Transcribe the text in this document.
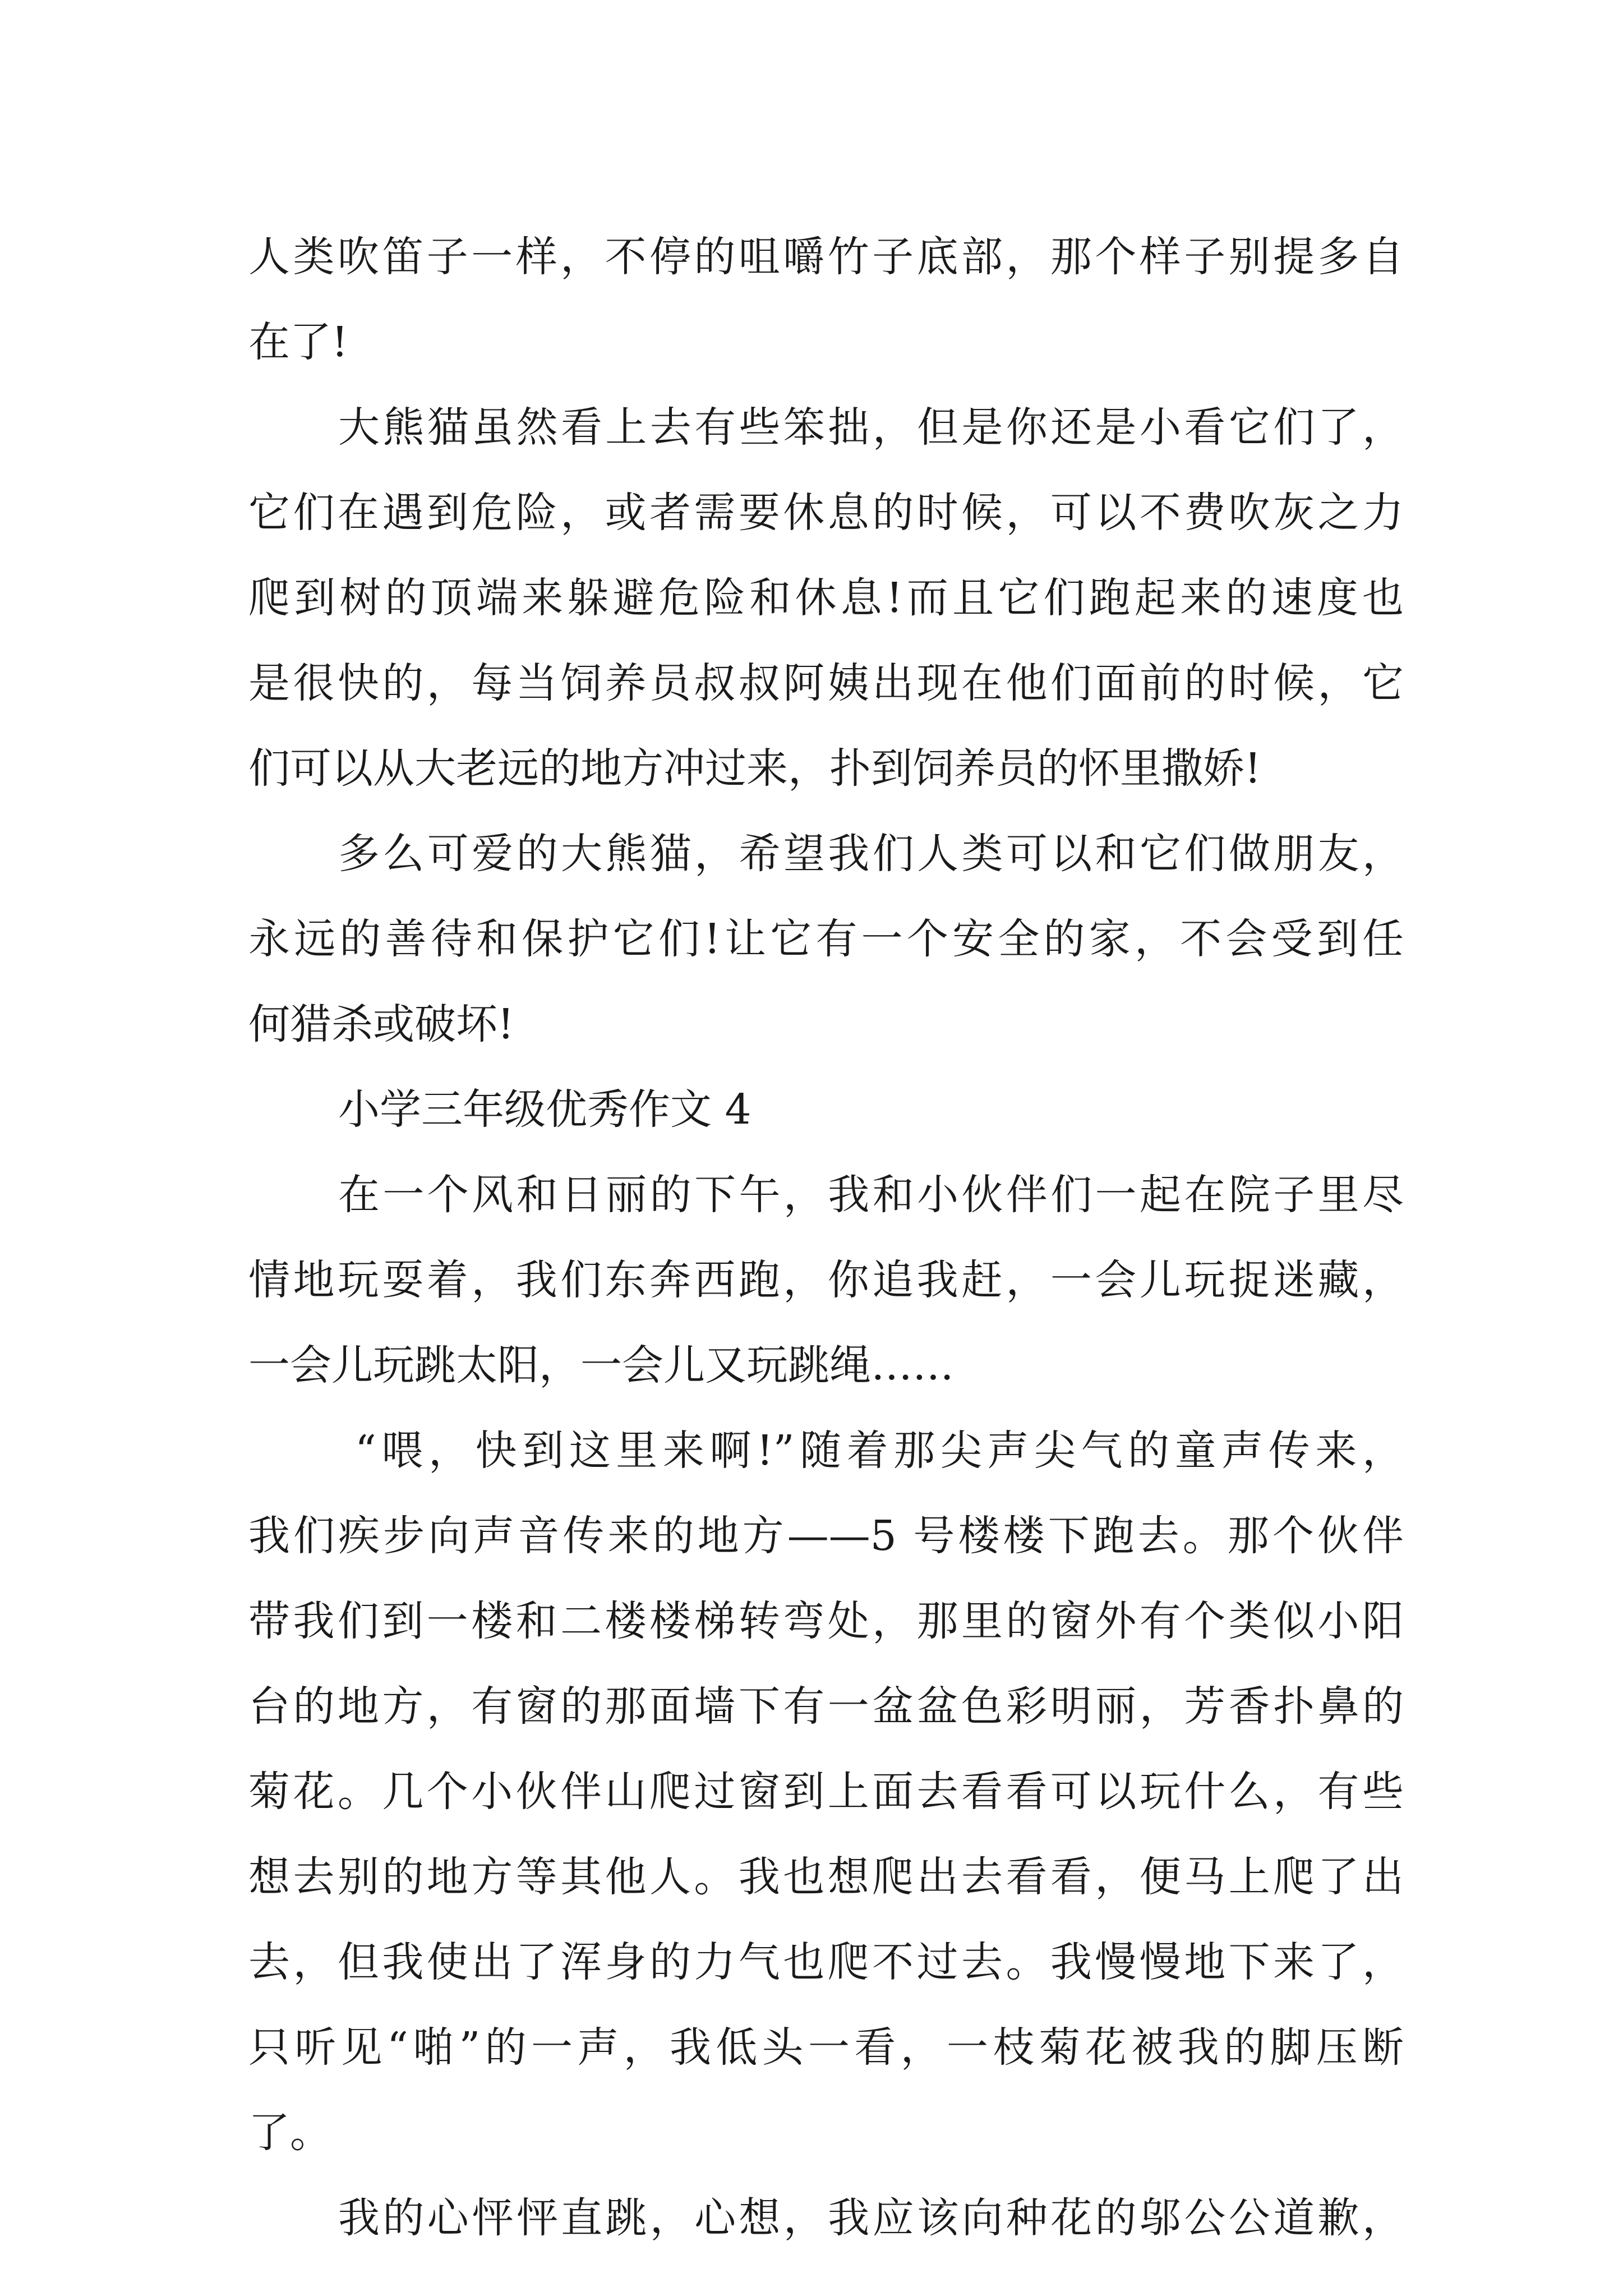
人类吹笛子一样，不停的咀嚼竹子底部，那个样子别提多自
在了!
大熊猫虽然看上去有些笨拙，但是你还是小看它们了，
它们在遇到危险，或者需要休息的时候，可以不费吹灰之力
爬到树的顶端来躲避危险和休息!而且它们跑起来的速度也
是很快的，每当饲养员叔叔阿姨出现在他们面前的时候，它
们可以从大老远的地方冲过来，扑到饲养员的怀里撒娇!
多么可爱的大熊猫，希望我们人类可以和它们做朋友，
永远的善待和保护它们!让它有一个安全的家，不会受到任
何猎杀或破坏!
小学三年级优秀作文 4
在一个风和日丽的下午，我和小伙伴们一起在院子里尽
情地玩耍着，我们东奔西跑，你追我赶，一会儿玩捉迷藏，
一会儿玩跳太阳，一会儿又玩跳绳……
“喂，快到这里来啊!”随着那尖声尖气的童声传来，
我们疾步向声音传来的地方——5 号楼楼下跑去。那个伙伴
带我们到一楼和二楼楼梯转弯处，那里的窗外有个类似小阳
台的地方，有窗的那面墙下有一盆盆色彩明丽，芳香扑鼻的
菊花。几个小伙伴山爬过窗到上面去看看可以玩什么，有些
想去别的地方等其他人。我也想爬出去看看，便马上爬了出
去，但我使出了浑身的力气也爬不过去。我慢慢地下来了，
只听见“啪”的一声，我低头一看，一枝菊花被我的脚压断
了。
我的心怦怦直跳，心想，我应该向种花的邬公公道歉，
